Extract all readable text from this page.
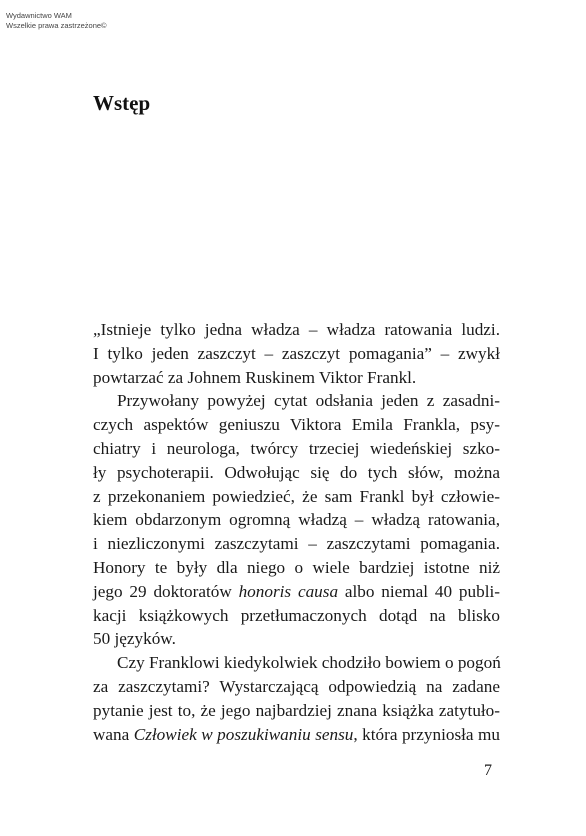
Wydawnictwo WAM
Wszelkie prawa zastrzeżone©
Wstęp
„Istnieje tylko jedna władza – władza ratowania ludzi.
I tylko jeden zaszczyt – zaszczyt pomagania” – zwykł
powtarzać za Johnem Ruskinem Viktor Frankl.
Przywołany powyżej cytat odsłania jeden z zasadni-
czych aspektów geniuszu Viktora Emila Frankla, psy-
chiatry i neurologa, twórcy trzeciej wiedeńskiej szko-
ły psychoterapii. Odwołując się do tych słów, można
z przekonaniem powiedzieć, że sam Frankl był człowie-
kiem obdarzonym ogromną władzą – władzą ratowania,
i niezliczonymi zaszczytami – zaszczytami pomagania.
Honory te były dla niego o wiele bardziej istotne niż
jego 29 doktoratów honoris causa albo niemal 40 publi-
kacji książkowych przetłumaczonych dotąd na blisko
50 języków.
Czy Franklowi kiedykolwiek chodziło bowiem o pogoń
za zaszczytami? Wystarczającą odpowiedzią na zadane
pytanie jest to, że jego najbardziej znana książka zatytuło-
wana Człowiek w poszukiwaniu sensu, która przyniosła mu
7
